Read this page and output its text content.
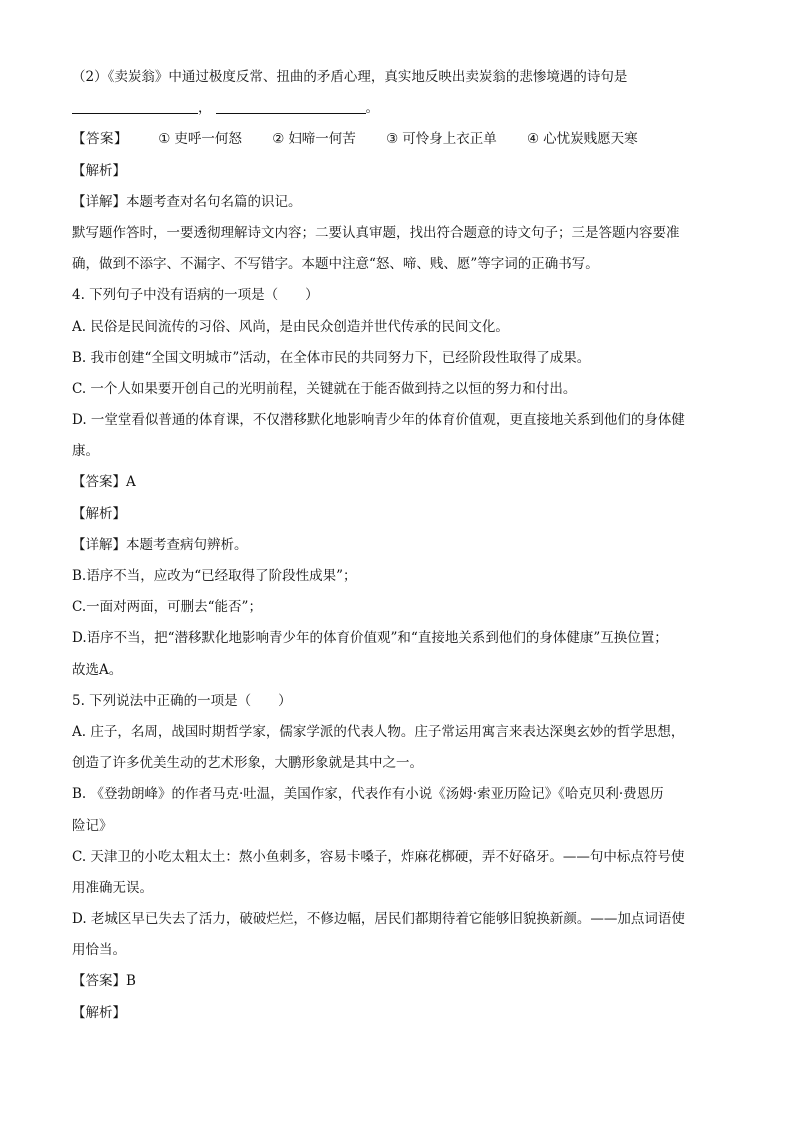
（2）《卖炭翁》中通过极度反常、扭曲的矛盾心理，真实地反映出卖炭翁的悲惨境遇的诗句是
，	。
【答案】 ① 吏呼一何怒 ② 妇啼一何苦 ③ 可怜身上衣正单 ④ 心忧炭贱愿天寒
【解析】
【详解】本题考查对名句名篇的识记。
默写题作答时，一要透彻理解诗文内容；二要认真审题，找出符合题意的诗文句子；三是答题内容要准
确，做到不添字、不漏字、不写错字。本题中注意“怒、啼、贱、愿”等字词的正确书写。
4. 下列句子中没有语病的一项是（　　）
A. 民俗是民间流传的习俗、风尚，是由民众创造并世代传承的民间文化。
B. 我市创建“全国文明城市”活动，在全体市民的共同努力下，已经阶段性取得了成果。
C. 一个人如果要开创自己的光明前程，关键就在于能否做到持之以恒的努力和付出。
D. 一堂堂看似普通的体育课，不仅潜移默化地影响青少年的体育价值观，更直接地关系到他们的身体健
康。
【答案】A
【解析】
【详解】本题考查病句辨析。
B.语序不当，应改为“已经取得了阶段性成果”；
C.一面对两面，可删去“能否”；
D.语序不当，把“潜移默化地影响青少年的体育价值观”和“直接地关系到他们的身体健康”互换位置；
故选A。
5. 下列说法中正确的一项是（　　）
A. 庄子，名周，战国时期哲学家，儒家学派的代表人物。庄子常运用寓言来表达深奥玄妙的哲学思想，
创造了许多优美生动的艺术形象，大鹏形象就是其中之一。
B. 《登勃朗峰》的作者马克·吐温，美国作家，代表作有小说《汤姆·索亚历险记》《哈克贝利·费恩历
险记》
C. 天津卫的小吃太粗太土：熬小鱼刺多，容易卡嗓子，炸麻花梆硬，弄不好硌牙。——句中标点符号使
用准确无误。
D. 老城区早已失去了活力，破破烂烂，不修边幅，居民们都期待着它能够旧貌换新颜。——加点词语使
用恰当。
【答案】B
【解析】
